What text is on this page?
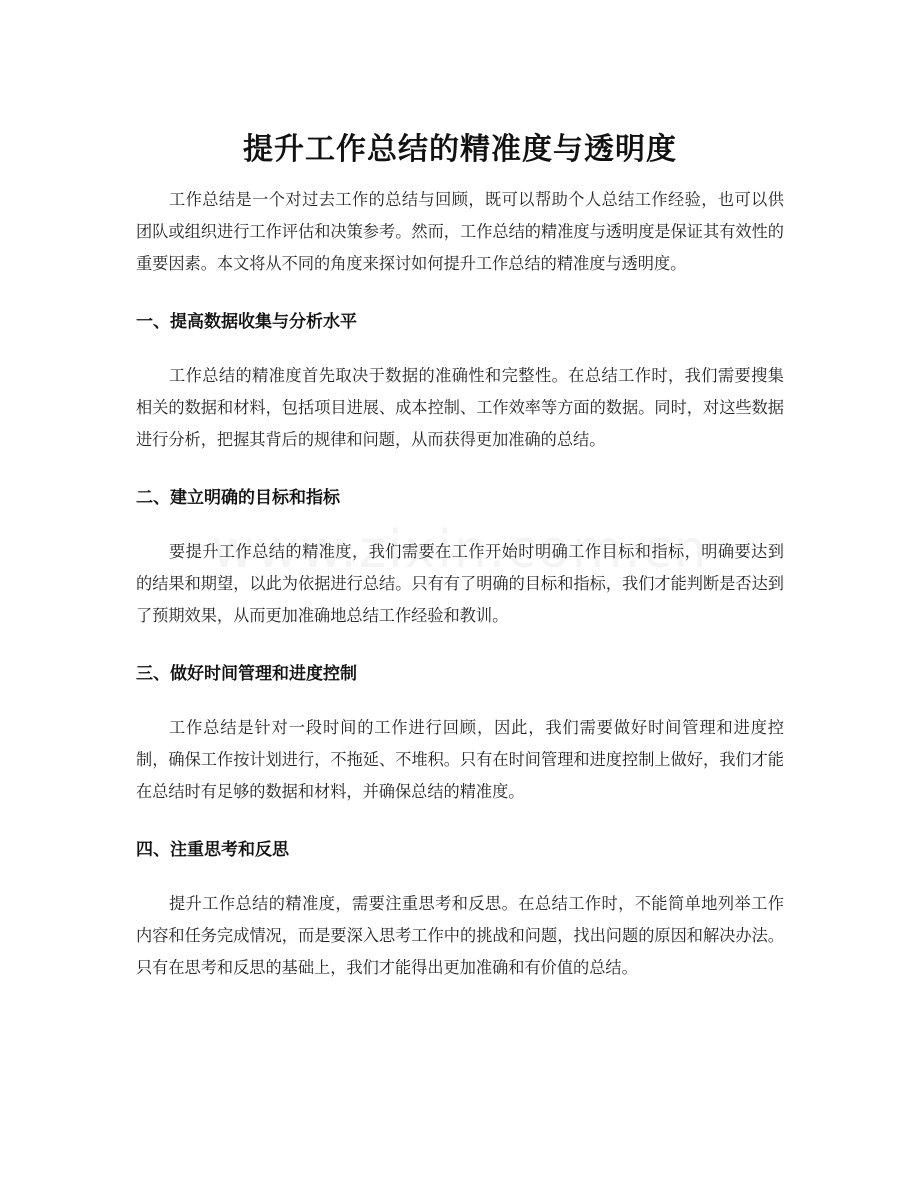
提升工作总结的精准度与透明度

工作总结是一个对过去工作的总结与回顾，既可以帮助个人总结工作经验，也可以供团队或组织进行工作评估和决策参考。然而，工作总结的精准度与透明度是保证其有效性的重要因素。本文将从不同的角度来探讨如何提升工作总结的精准度与透明度。

一、提高数据收集与分析水平

工作总结的精准度首先取决于数据的准确性和完整性。在总结工作时，我们需要搜集相关的数据和材料，包括项目进展、成本控制、工作效率等方面的数据。同时，对这些数据进行分析，把握其背后的规律和问题，从而获得更加准确的总结。

二、建立明确的目标和指标

要提升工作总结的精准度，我们需要在工作开始时明确工作目标和指标，明确要达到的结果和期望，以此为依据进行总结。只有有了明确的目标和指标，我们才能判断是否达到了预期效果，从而更加准确地总结工作经验和教训。

三、做好时间管理和进度控制

工作总结是针对一段时间的工作进行回顾，因此，我们需要做好时间管理和进度控制，确保工作按计划进行，不拖延、不堆积。只有在时间管理和进度控制上做好，我们才能在总结时有足够的数据和材料，并确保总结的精准度。

四、注重思考和反思

提升工作总结的精准度，需要注重思考和反思。在总结工作时，不能简单地列举工作内容和任务完成情况，而是要深入思考工作中的挑战和问题，找出问题的原因和解决办法。只有在思考和反思的基础上，我们才能得出更加准确和有价值的总结。
